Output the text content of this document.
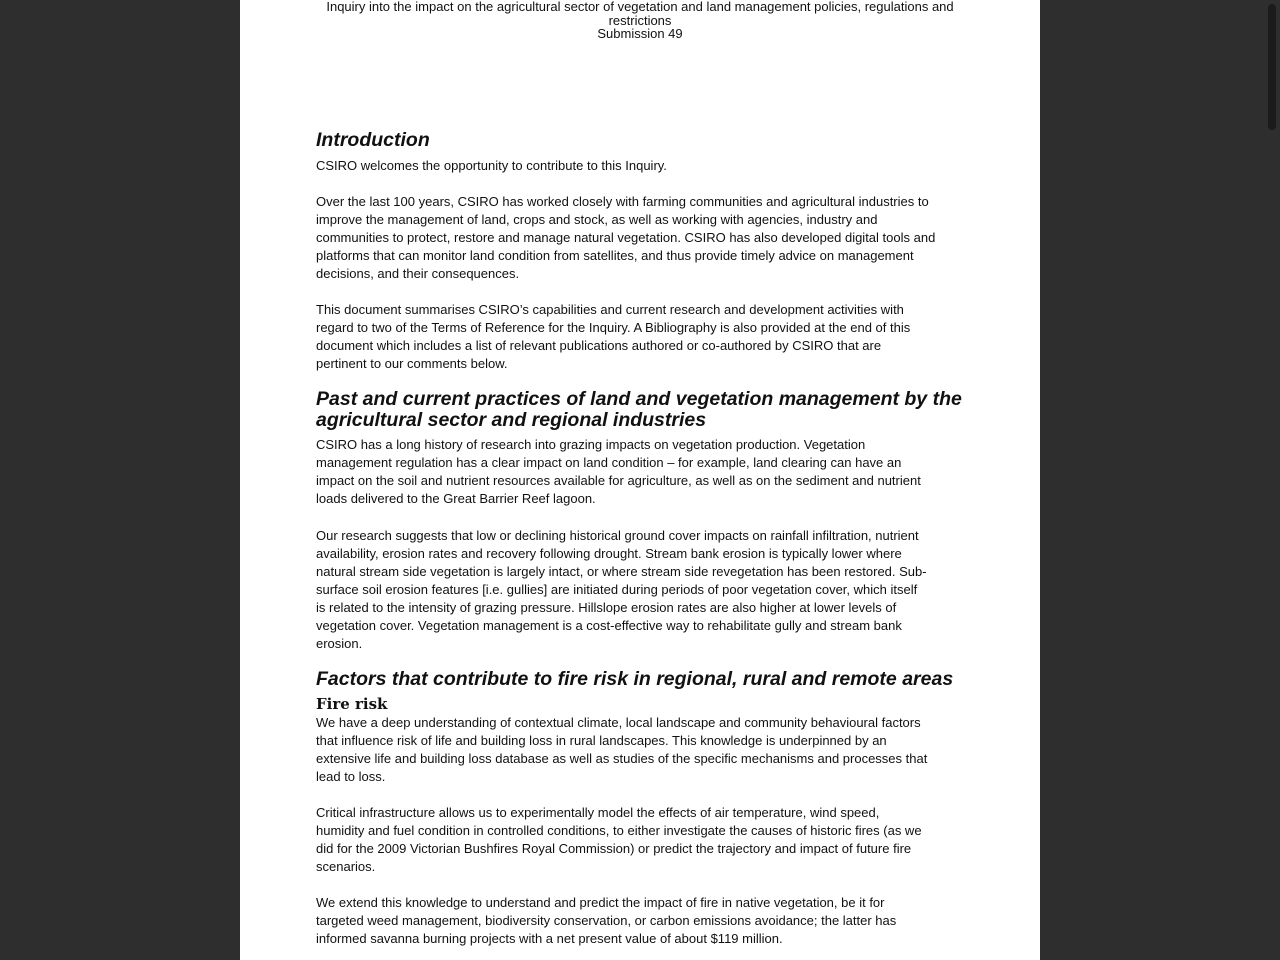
Inquiry into the impact on the agricultural sector of vegetation and land management policies, regulations and
restrictions
Submission 49
Introduction
CSIRO welcomes the opportunity to contribute to this Inquiry.
Over the last 100 years, CSIRO has worked closely with farming communities and agricultural industries to
improve the management of land, crops and stock, as well as working with agencies, industry and
communities to protect, restore and manage natural vegetation. CSIRO has also developed digital tools and
platforms that can monitor land condition from satellites, and thus provide timely advice on management
decisions, and their consequences.
This document summarises CSIRO’s capabilities and current research and development activities with
regard to two of the Terms of Reference for the Inquiry. A Bibliography is also provided at the end of this
document which includes a list of relevant publications authored or co-authored by CSIRO that are
pertinent to our comments below.
Past and current practices of land and vegetation management by the
agricultural sector and regional industries
CSIRO has a long history of research into grazing impacts on vegetation production. Vegetation
management regulation has a clear impact on land condition – for example, land clearing can have an
impact on the soil and nutrient resources available for agriculture, as well as on the sediment and nutrient
loads delivered to the Great Barrier Reef lagoon.
Our research suggests that low or declining historical ground cover impacts on rainfall infiltration, nutrient
availability, erosion rates and recovery following drought. Stream bank erosion is typically lower where
natural stream side vegetation is largely intact, or where stream side revegetation has been restored. Sub-
surface soil erosion features [i.e. gullies] are initiated during periods of poor vegetation cover, which itself
is related to the intensity of grazing pressure. Hillslope erosion rates are also higher at lower levels of
vegetation cover. Vegetation management is a cost-effective way to rehabilitate gully and stream bank
erosion.
Factors that contribute to fire risk in regional, rural and remote areas
Fire risk
We have a deep understanding of contextual climate, local landscape and community behavioural factors
that influence risk of life and building loss in rural landscapes. This knowledge is underpinned by an
extensive life and building loss database as well as studies of the specific mechanisms and processes that
lead to loss.
Critical infrastructure allows us to experimentally model the effects of air temperature, wind speed,
humidity and fuel condition in controlled conditions, to either investigate the causes of historic fires (as we
did for the 2009 Victorian Bushfires Royal Commission) or predict the trajectory and impact of future fire
scenarios.
We extend this knowledge to understand and predict the impact of fire in native vegetation, be it for
targeted weed management, biodiversity conservation, or carbon emissions avoidance; the latter has
informed savanna burning projects with a net present value of about $119 million.
